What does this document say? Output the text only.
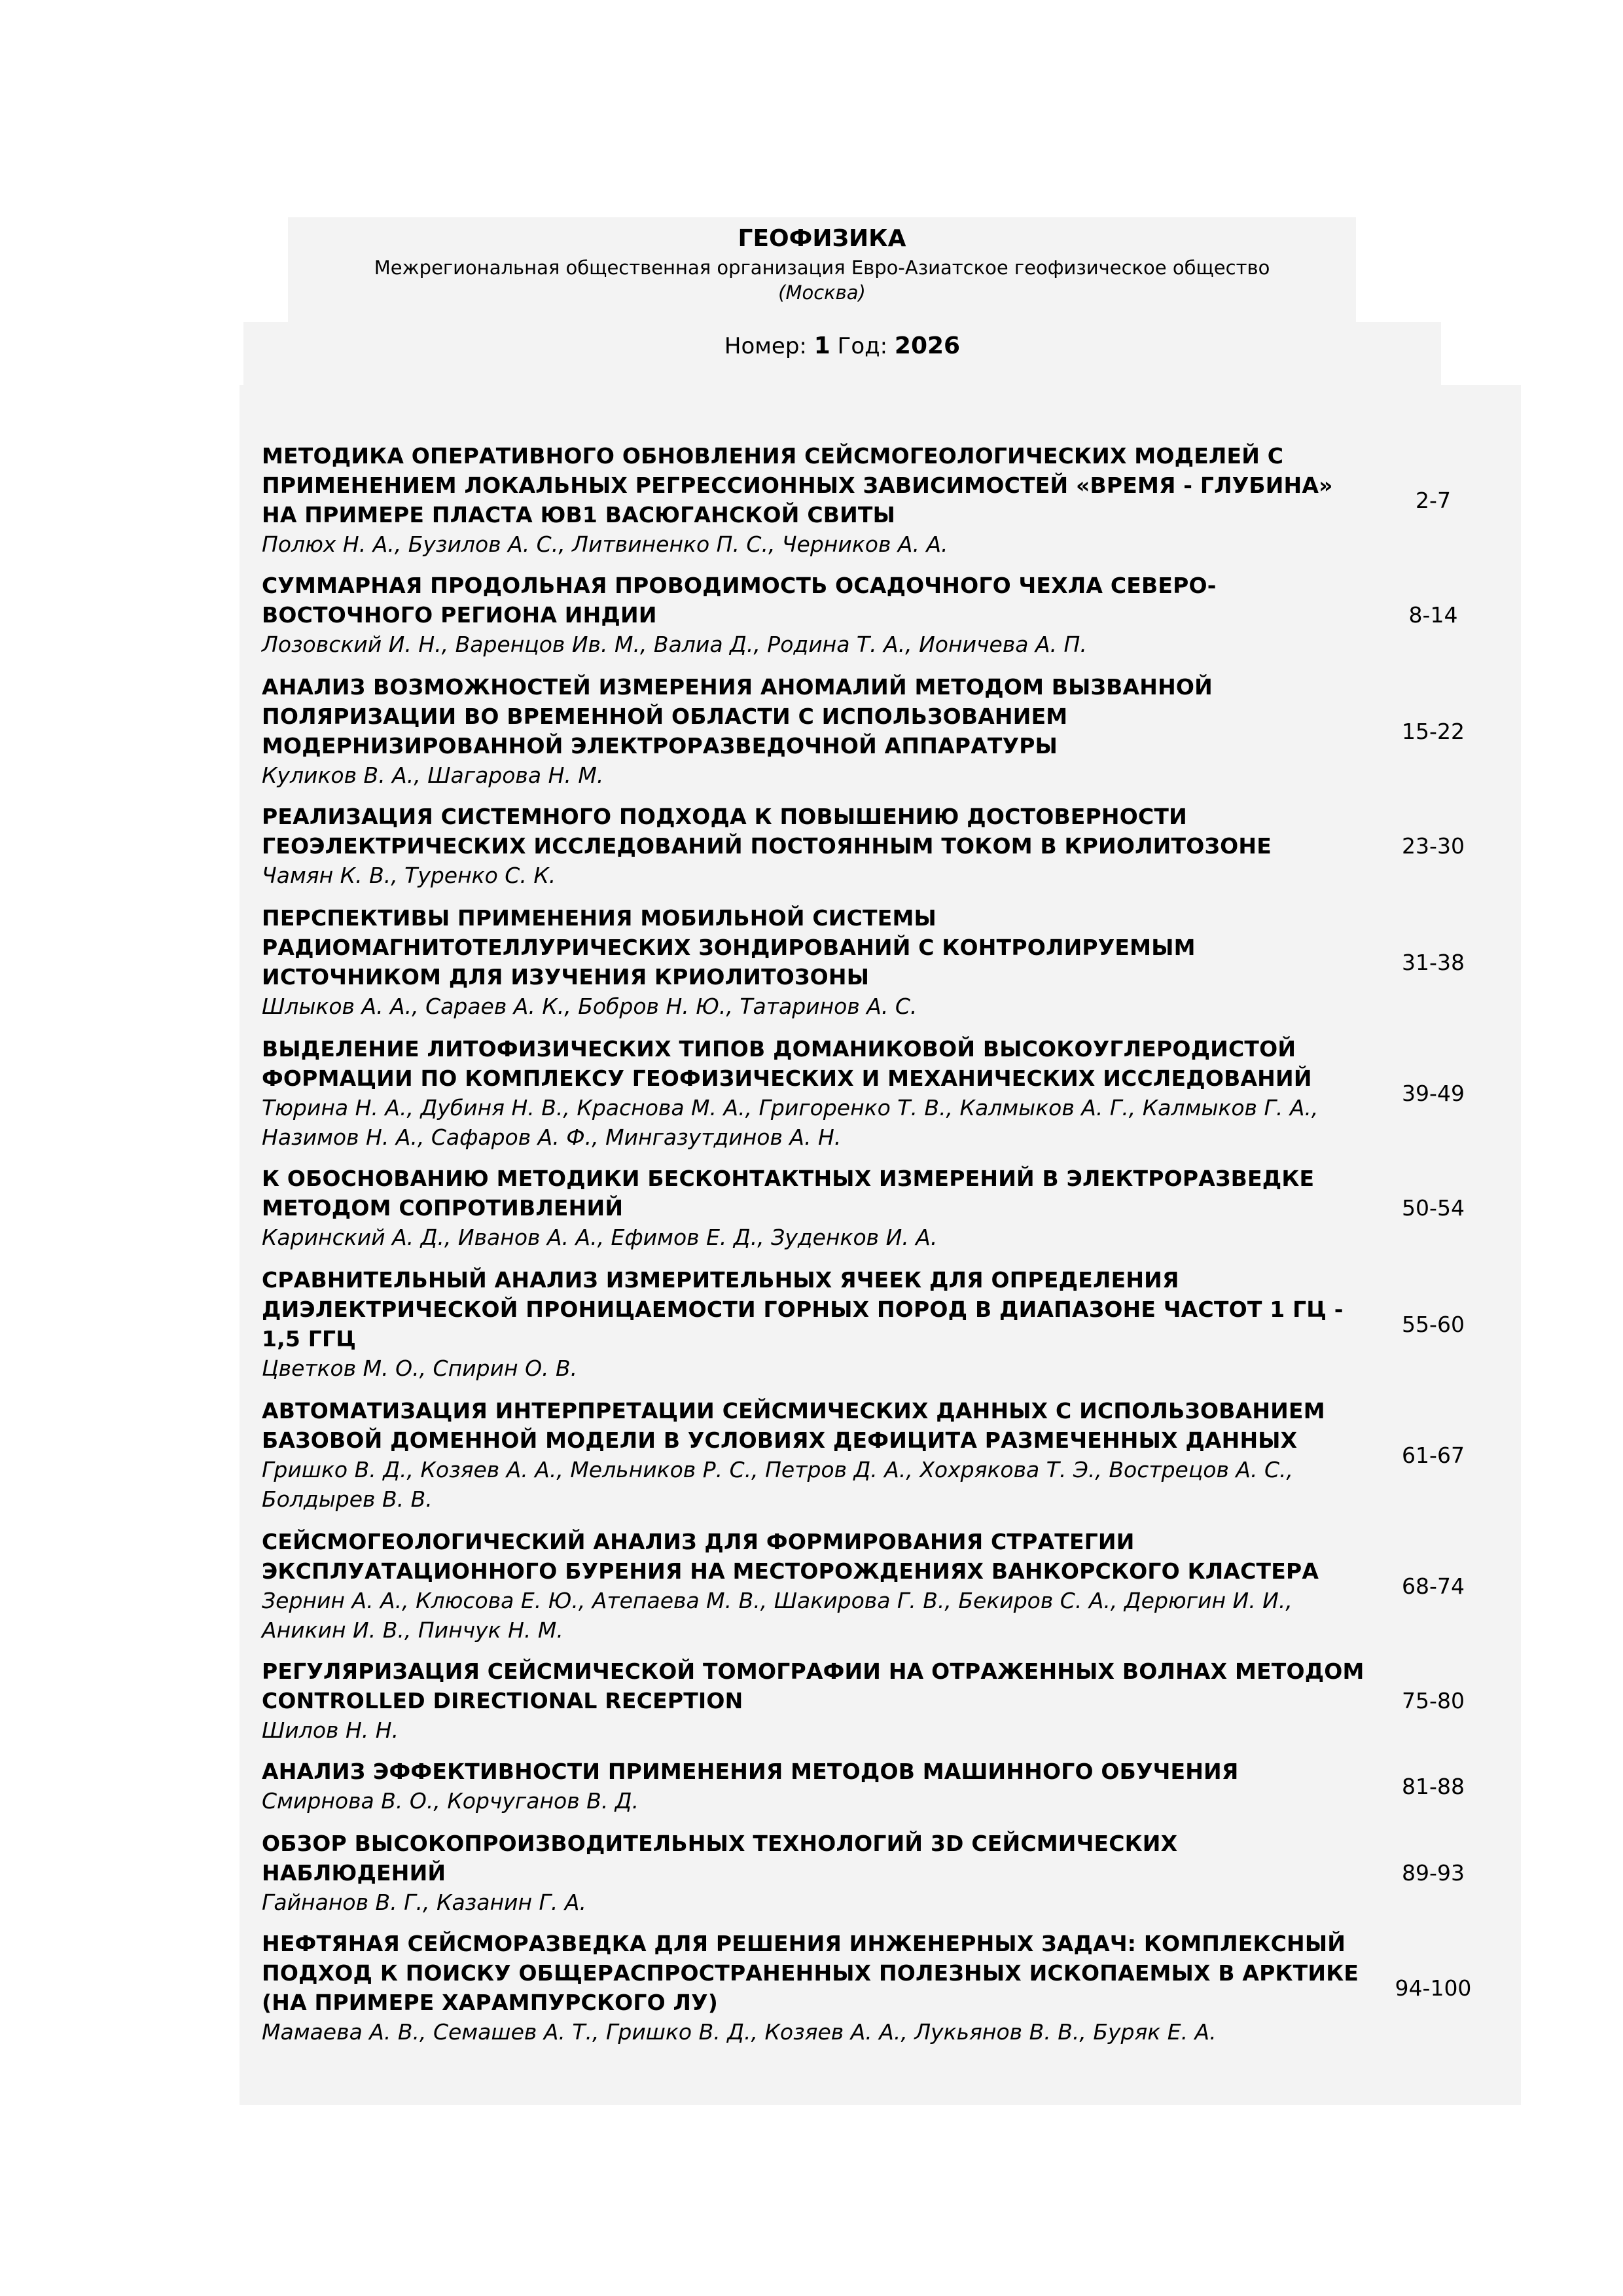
ГЕОФИЗИКА
Межрегиональная общественная организация Евро-Азиатское геофизическое общество
(Москва)
Номер: 1 Год: 2026
МЕТОДИКА ОПЕРАТИВНОГО ОБНОВЛЕНИЯ СЕЙСМОГЕОЛОГИЧЕСКИХ МОДЕЛЕЙ С ПРИМЕНЕНИЕМ ЛОКАЛЬНЫХ РЕГРЕССИОННЫХ ЗАВИСИМОСТЕЙ «ВРЕМЯ - ГЛУБИНА» НА ПРИМЕРЕ ПЛАСТА ЮВ1 ВАСЮГАНСКОЙ СВИТЫ
Полюх Н. А., Бузилов А. С., Литвиненко П. С., Черников А. А.
2-7
СУММАРНАЯ ПРОДОЛЬНАЯ ПРОВОДИМОСТЬ ОСАДОЧНОГО ЧЕХЛА СЕВЕРО-ВОСТОЧНОГО РЕГИОНА ИНДИИ
Лозовский И. Н., Варенцов Ив. М., Валиа Д., Родина Т. А., Ионичева А. П.
8-14
АНАЛИЗ ВОЗМОЖНОСТЕЙ ИЗМЕРЕНИЯ АНОМАЛИЙ МЕТОДОМ ВЫЗВАННОЙ ПОЛЯРИЗАЦИИ ВО ВРЕМЕННОЙ ОБЛАСТИ С ИСПОЛЬЗОВАНИЕМ МОДЕРНИЗИРОВАННОЙ ЭЛЕКТРОРАЗВЕДОЧНОЙ АППАРАТУРЫ
Куликов В. А., Шагарова Н. М.
15-22
РЕАЛИЗАЦИЯ СИСТЕМНОГО ПОДХОДА К ПОВЫШЕНИЮ ДОСТОВЕРНОСТИ ГЕОЭЛЕКТРИЧЕСКИХ ИССЛЕДОВАНИЙ ПОСТОЯННЫМ ТОКОМ В КРИОЛИТОЗОНЕ
Чамян К. В., Туренко С. К.
23-30
ПЕРСПЕКТИВЫ ПРИМЕНЕНИЯ МОБИЛЬНОЙ СИСТЕМЫ РАДИОМАГНИТОТЕЛЛУРИЧЕСКИХ ЗОНДИРОВАНИЙ С КОНТРОЛИРУЕМЫМ ИСТОЧНИКОМ ДЛЯ ИЗУЧЕНИЯ КРИОЛИТОЗОНЫ
Шлыков А. А., Сараев А. К., Бобров Н. Ю., Татаринов А. С.
31-38
ВЫДЕЛЕНИЕ ЛИТОФИЗИЧЕСКИХ ТИПОВ ДОМАНИКОВОЙ ВЫСОКОУГЛЕРОДИСТОЙ ФОРМАЦИИ ПО КОМПЛЕКСУ ГЕОФИЗИЧЕСКИХ И МЕХАНИЧЕСКИХ ИССЛЕДОВАНИЙ
Тюрина Н. А., Дубиня Н. В., Краснова М. А., Григоренко Т. В., Калмыков А. Г., Калмыков Г. А., Назимов Н. А., Сафаров А. Ф., Мингазутдинов А. Н.
39-49
К ОБОСНОВАНИЮ МЕТОДИКИ БЕСКОНТАКТНЫХ ИЗМЕРЕНИЙ В ЭЛЕКТРОРАЗВЕДКЕ МЕТОДОМ СОПРОТИВЛЕНИЙ
Каринский А. Д., Иванов А. А., Ефимов Е. Д., Зуденков И. А.
50-54
СРАВНИТЕЛЬНЫЙ АНАЛИЗ ИЗМЕРИТЕЛЬНЫХ ЯЧЕЕК ДЛЯ ОПРЕДЕЛЕНИЯ ДИЭЛЕКТРИЧЕСКОЙ ПРОНИЦАЕМОСТИ ГОРНЫХ ПОРОД В ДИАПАЗОНЕ ЧАСТОТ 1 ГЦ - 1,5 ГГЦ
Цветков М. О., Спирин О. В.
55-60
АВТОМАТИЗАЦИЯ ИНТЕРПРЕТАЦИИ СЕЙСМИЧЕСКИХ ДАННЫХ С ИСПОЛЬЗОВАНИЕМ БАЗОВОЙ ДОМЕННОЙ МОДЕЛИ В УСЛОВИЯХ ДЕФИЦИТА РАЗМЕЧЕННЫХ ДАННЫХ
Гришко В. Д., Козяев А. А., Мельников Р. С., Петров Д. А., Хохрякова Т. Э., Вострецов А. С., Болдырев В. В.
61-67
СЕЙСМОГЕОЛОГИЧЕСКИЙ АНАЛИЗ ДЛЯ ФОРМИРОВАНИЯ СТРАТЕГИИ ЭКСПЛУАТАЦИОННОГО БУРЕНИЯ НА МЕСТОРОЖДЕНИЯХ ВАНКОРСКОГО КЛАСТЕРА
Зернин А. А., Клюсова Е. Ю., Атепаева М. В., Шакирова Г. В., Бекиров С. А., Дерюгин И. И., Аникин И. В., Пинчук Н. М.
68-74
РЕГУЛЯРИЗАЦИЯ СЕЙСМИЧЕСКОЙ ТОМОГРАФИИ НА ОТРАЖЕННЫХ ВОЛНАХ МЕТОДОМ CONTROLLED DIRECTIONAL RECEPTION
Шилов Н. Н.
75-80
АНАЛИЗ ЭФФЕКТИВНОСТИ ПРИМЕНЕНИЯ МЕТОДОВ МАШИННОГО ОБУЧЕНИЯ
Смирнова В. О., Корчуганов В. Д.
81-88
ОБЗОР ВЫСОКОПРОИЗВОДИТЕЛЬНЫХ ТЕХНОЛОГИЙ 3D СЕЙСМИЧЕСКИХ НАБЛЮДЕНИЙ
Гайнанов В. Г., Казанин Г. А.
89-93
НЕФТЯНАЯ СЕЙСМОРАЗВЕДКА ДЛЯ РЕШЕНИЯ ИНЖЕНЕРНЫХ ЗАДАЧ: КОМПЛЕКСНЫЙ ПОДХОД К ПОИСКУ ОБЩЕРАСПРОСТРАНЕННЫХ ПОЛЕЗНЫХ ИСКОПАЕМЫХ В АРКТИКЕ (НА ПРИМЕРЕ ХАРАМПУРСКОГО ЛУ)
Мамаева А. В., Семашев А. Т., Гришко В. Д., Козяев А. А., Лукьянов В. В., Буряк Е. А.
94-100
